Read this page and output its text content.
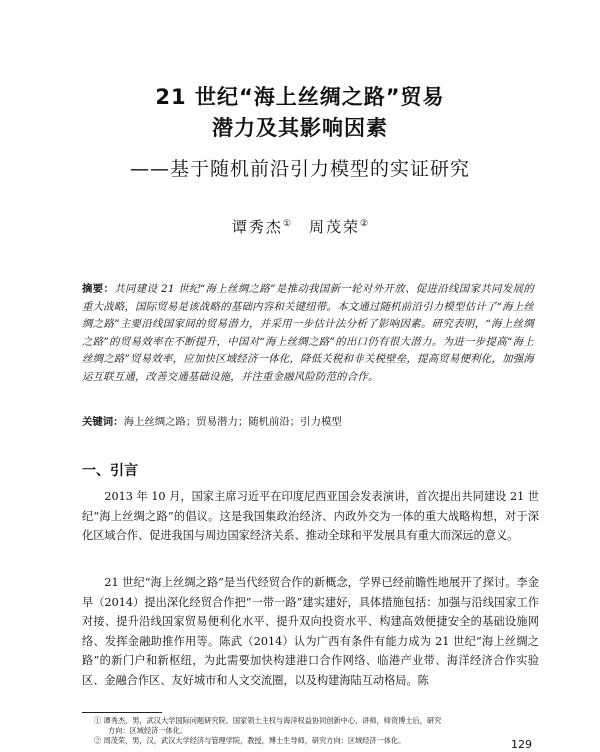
21 世纪“海上丝绸之路”贸易
潜力及其影响因素
——基于随机前沿引力模型的实证研究
谭秀杰① 周茂荣②
摘要：共同建设 21 世纪“海上丝绸之路”是推动我国新一轮对外开放、促进沿线国家共同发展的重大战略，国际贸易是该战略的基础内容和关键纽带。本文通过随机前沿引力模型估计了“海上丝绸之路”主要沿线国家间的贸易潜力，并采用一步估计法分析了影响因素。研究表明，“海上丝绸之路”的贸易效率在不断提升，中国对“海上丝绸之路”的出口仍有很大潜力。为进一步提高“海上丝绸之路”贸易效率，应加快区域经济一体化，降低关税和非关税壁垒，提高贸易便利化，加强海运互联互通，改善交通基础设施，并注重金融风险防范的合作。
关键词：海上丝绸之路；贸易潜力；随机前沿；引力模型
一、引言

2013 年 10 月，国家主席习近平在印度尼西亚国会发表演讲，首次提出共同建设 21 世纪“海上丝绸之路”的倡议。这是我国集政治经济、内政外交为一体的重大战略构想，对于深化区域合作、促进我国与周边国家经济关系、推动全球和平发展具有重大而深远的意义。

21 世纪“海上丝绸之路”是当代经贸合作的新概念，学界已经前瞻性地展开了探讨。李金早（2014）提出深化经贸合作把“一带一路”建实建好，具体措施包括：加强与沿线国家工作对接、提升沿线国家贸易便利化水平、提升双向投资水平、构建高效便捷安全的基础设施网络、发挥金融助推作用等。陈武（2014）认为广西有条件有能力成为 21 世纪“海上丝绸之路”的新门户和新枢纽，为此需要加快构建港口合作网络、临港产业带、海洋经济合作实验区、金融合作区、友好城市和人文交流圈，以及构建海陆互动格局。陈

① 谭秀杰，男，武汉大学国际问题研究院、国家领土主权与海洋权益协同创新中心，讲师，师资博士后，研究

方向：区域经济一体化。

② 周茂荣，男，汉，武汉大学经济与管理学院，教授，博士生导师，研究方向：区域经济一体化。	129
